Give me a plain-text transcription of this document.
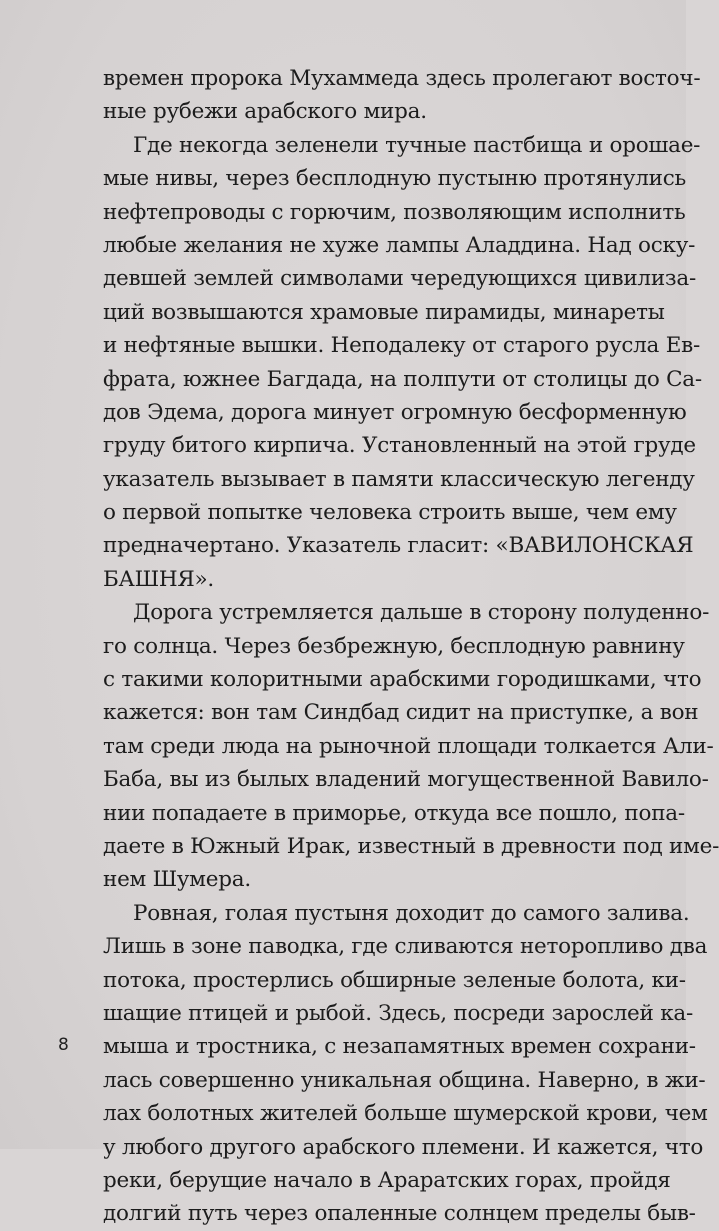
времен пророка Мухаммеда здесь пролегают восточ-
ные рубежи арабского мира.
Где некогда зеленели тучные пастбища и орошае-
мые нивы, через бесплодную пустыню протянулись
нефтепроводы с горючим, позволяющим исполнить
любые желания не хуже лампы Аладдина. Над оску-
девшей землей символами чередующихся цивилиза-
ций возвышаются храмовые пирамиды, минареты
и нефтяные вышки. Неподалеку от старого русла Ев-
фрата, южнее Багдада, на полпути от столицы до Са-
дов Эдема, дорога минует огромную бесформенную
груду битого кирпича. Установленный на этой груде
указатель вызывает в памяти классическую легенду
о первой попытке человека строить выше, чем ему
предначертано. Указатель гласит: «ВАВИЛОНСКАЯ
БАШНЯ».
Дорога устремляется дальше в сторону полуденно-
го солнца. Через безбрежную, бесплодную равнину
с такими колоритными арабскими городишками, что
кажется: вон там Синдбад сидит на приступке, а вон
там среди люда на рыночной площади толкается Али-
Баба, вы из былых владений могущественной Вавило-
нии попадаете в приморье, откуда все пошло, попа-
даете в Южный Ирак, известный в древности под име-
нем Шумера.
Ровная, голая пустыня доходит до самого залива.
Лишь в зоне паводка, где сливаются неторопливо два
потока, простерлись обширные зеленые болота, ки-
шащие птицей и рыбой. Здесь, посреди зарослей ка-
мыша и тростника, с незапамятных времен сохрани-
лась совершенно уникальная община. Наверно, в жи-
лах болотных жителей больше шумерской крови, чем
у любого другого арабского племени. И кажется, что
реки, берущие начало в Араратских горах, пройдя
долгий путь через опаленные солнцем пределы быв-
8
